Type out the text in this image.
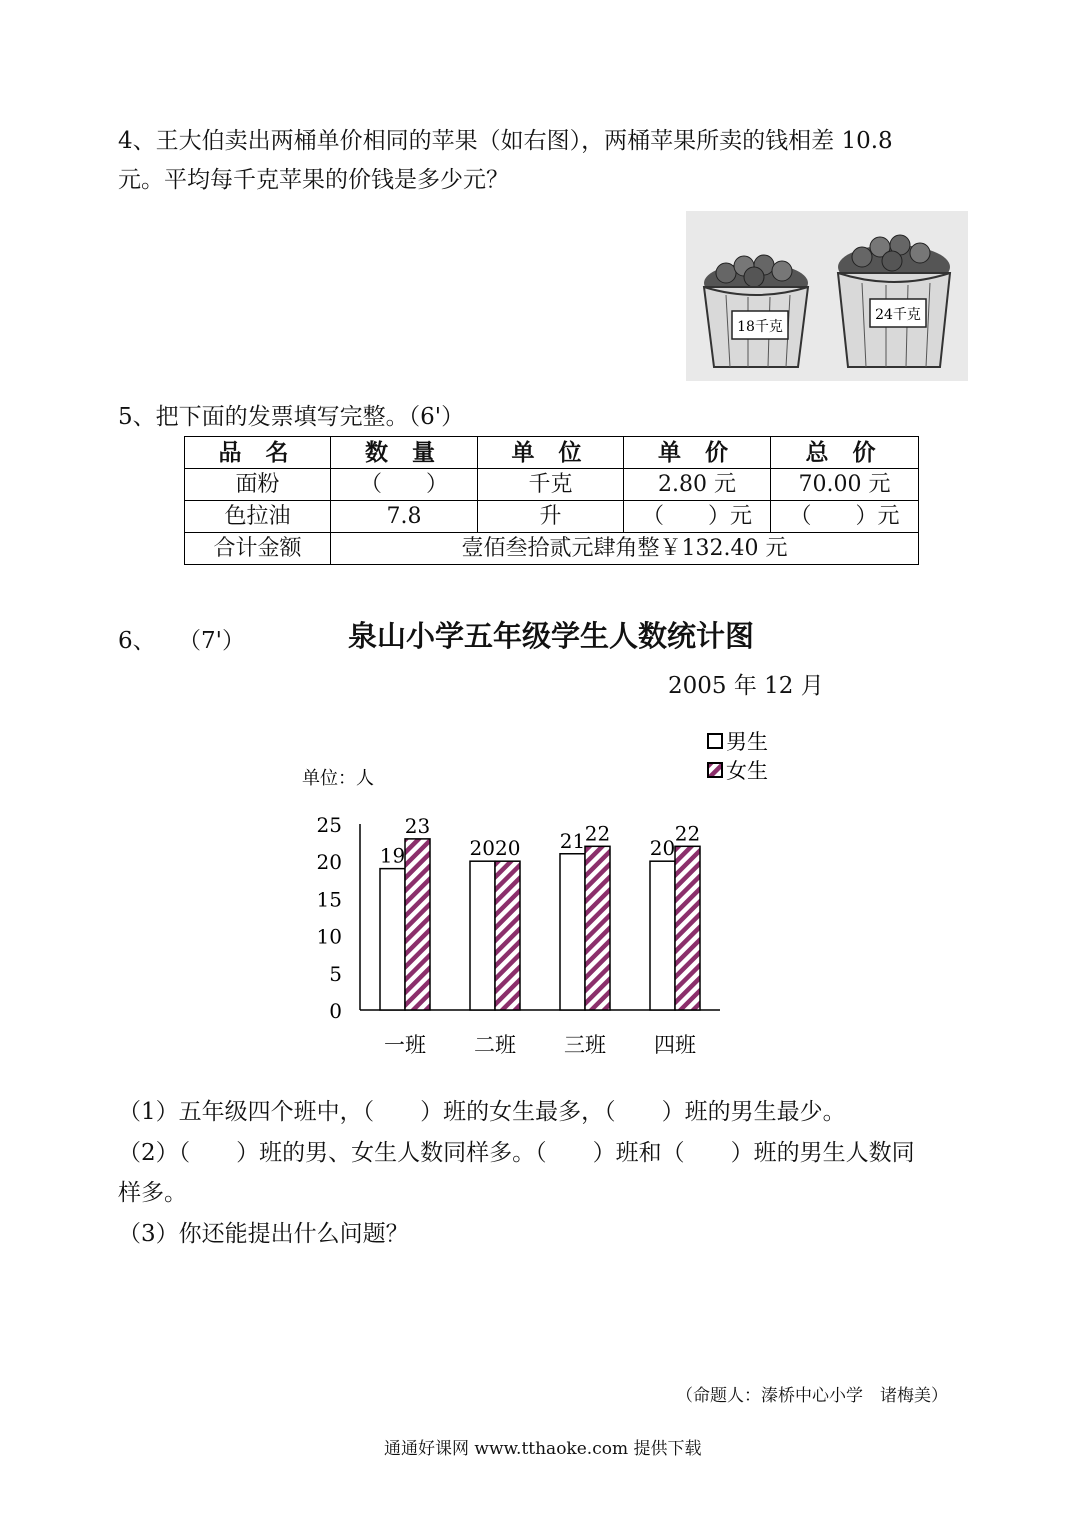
4、王大伯卖出两桶单价相同的苹果（如右图），两桶苹果所卖的钱相差 10.8
元。平均每千克苹果的价钱是多少元？
18千克
24千克
5、把下面的发票填写完整。（6'）
品 名	数 量	单 位	单 价	总 价
面粉	（　　）	千克	2.80 元	70.00 元
色拉油	7.8	升	（　　）元	（　　）元
合计金额	壹佰叁拾贰元肆角整￥132.40 元			
6、 （7'）	泉山小学五年级学生人数统计图
2005 年 12 月
单位：人
男生
女生
0
5
10
15
20
25
19
23
一班
2020
二班
21 22
三班
20
22
四班
（1）五年级四个班中，（　　）班的女生最多，（　　）班的男生最少。
（2）（　　）班的男、女生人数同样多。（　　）班和（　　）班的男生人数同
样多。
（3）你还能提出什么问题？
（命题人：溱桥中心小学　诸梅美）
通通好课网 www.tthaoke.com 提供下载
